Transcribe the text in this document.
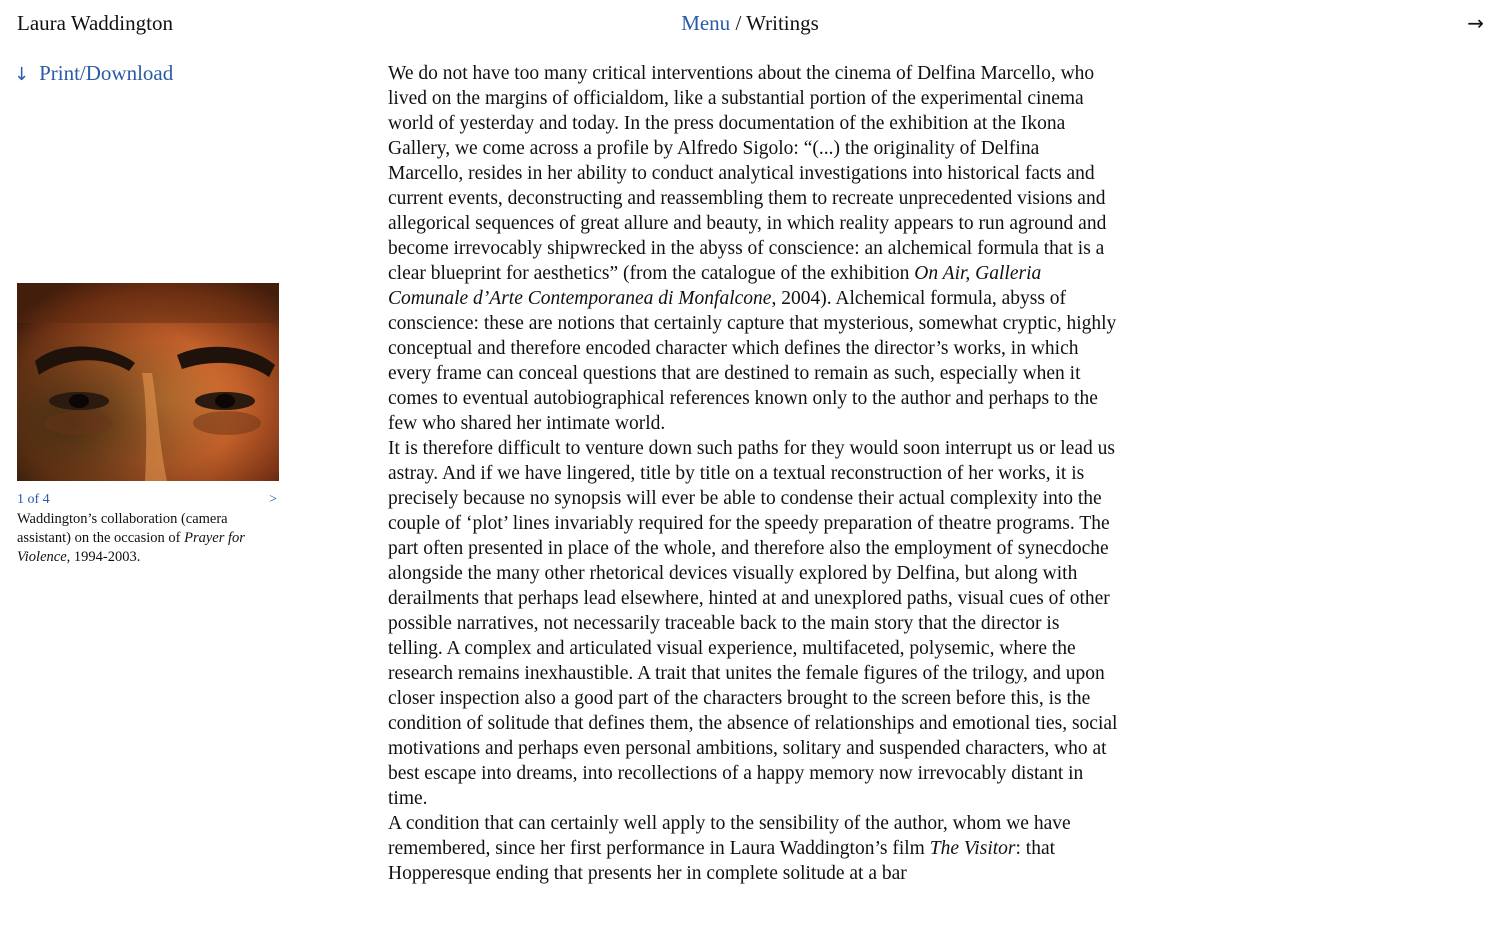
Laura Waddington	Menu / Writings	→
↓ Print/Download
1 of 4	>
Waddington’s collaboration (camera assistant) on the occasion of Prayer for Violence, 1994-2003.

We do not have too many critical interventions about the cinema of Delfina Marcello, who lived on the margins of officialdom, like a substantial portion of the experimental cinema world of yesterday and today. In the press documentation of the exhibition at the Ikona Gallery, we come across a profile by Alfredo Sigolo: “(...) the originality of Delfina Marcello, resides in her ability to conduct analytical investigations into historical facts and current events, deconstructing and reassembling them to recreate unprecedented visions and allegorical sequences of great allure and beauty, in which reality appears to run aground and become irrevocably shipwrecked in the abyss of conscience: an alchemical formula that is a clear blueprint for aesthetics” (from the catalogue of the exhibition On Air, Galleria Comunale d’Arte Contemporanea di Monfalcone, 2004). Alchemical formula, abyss of conscience: these are notions that certainly capture that mysterious, somewhat cryptic, highly conceptual and therefore encoded character which defines the director’s works, in which every frame can conceal questions that are destined to remain as such, especially when it comes to eventual autobiographical references known only to the author and perhaps to the few who shared her intimate world.

It is therefore difficult to venture down such paths for they would soon interrupt us or lead us astray. And if we have lingered, title by title on a textual reconstruction of her works, it is precisely because no synopsis will ever be able to condense their actual complexity into the couple of ‘plot’ lines invariably required for the speedy preparation of theatre programs. The part often presented in place of the whole, and therefore also the employment of synecdoche alongside the many other rhetorical devices visually explored by Delfina, but along with derailments that perhaps lead elsewhere, hinted at and unexplored paths, visual cues of other possible narratives, not necessarily traceable back to the main story that the director is telling. A complex and articulated visual experience, multifaceted, polysemic, where the research remains inexhaustible. A trait that unites the female figures of the trilogy, and upon closer inspection also a good part of the characters brought to the screen before this, is the condition of solitude that defines them, the absence of relationships and emotional ties, social motivations and perhaps even personal ambitions, solitary and suspended characters, who at best escape into dreams, into recollections of a happy memory now irrevocably distant in time.

A condition that can certainly well apply to the sensibility of the author, whom we have remembered, since her first performance in Laura Waddington’s film The Visitor: that Hopperesque ending that presents her in complete solitude at a bar
